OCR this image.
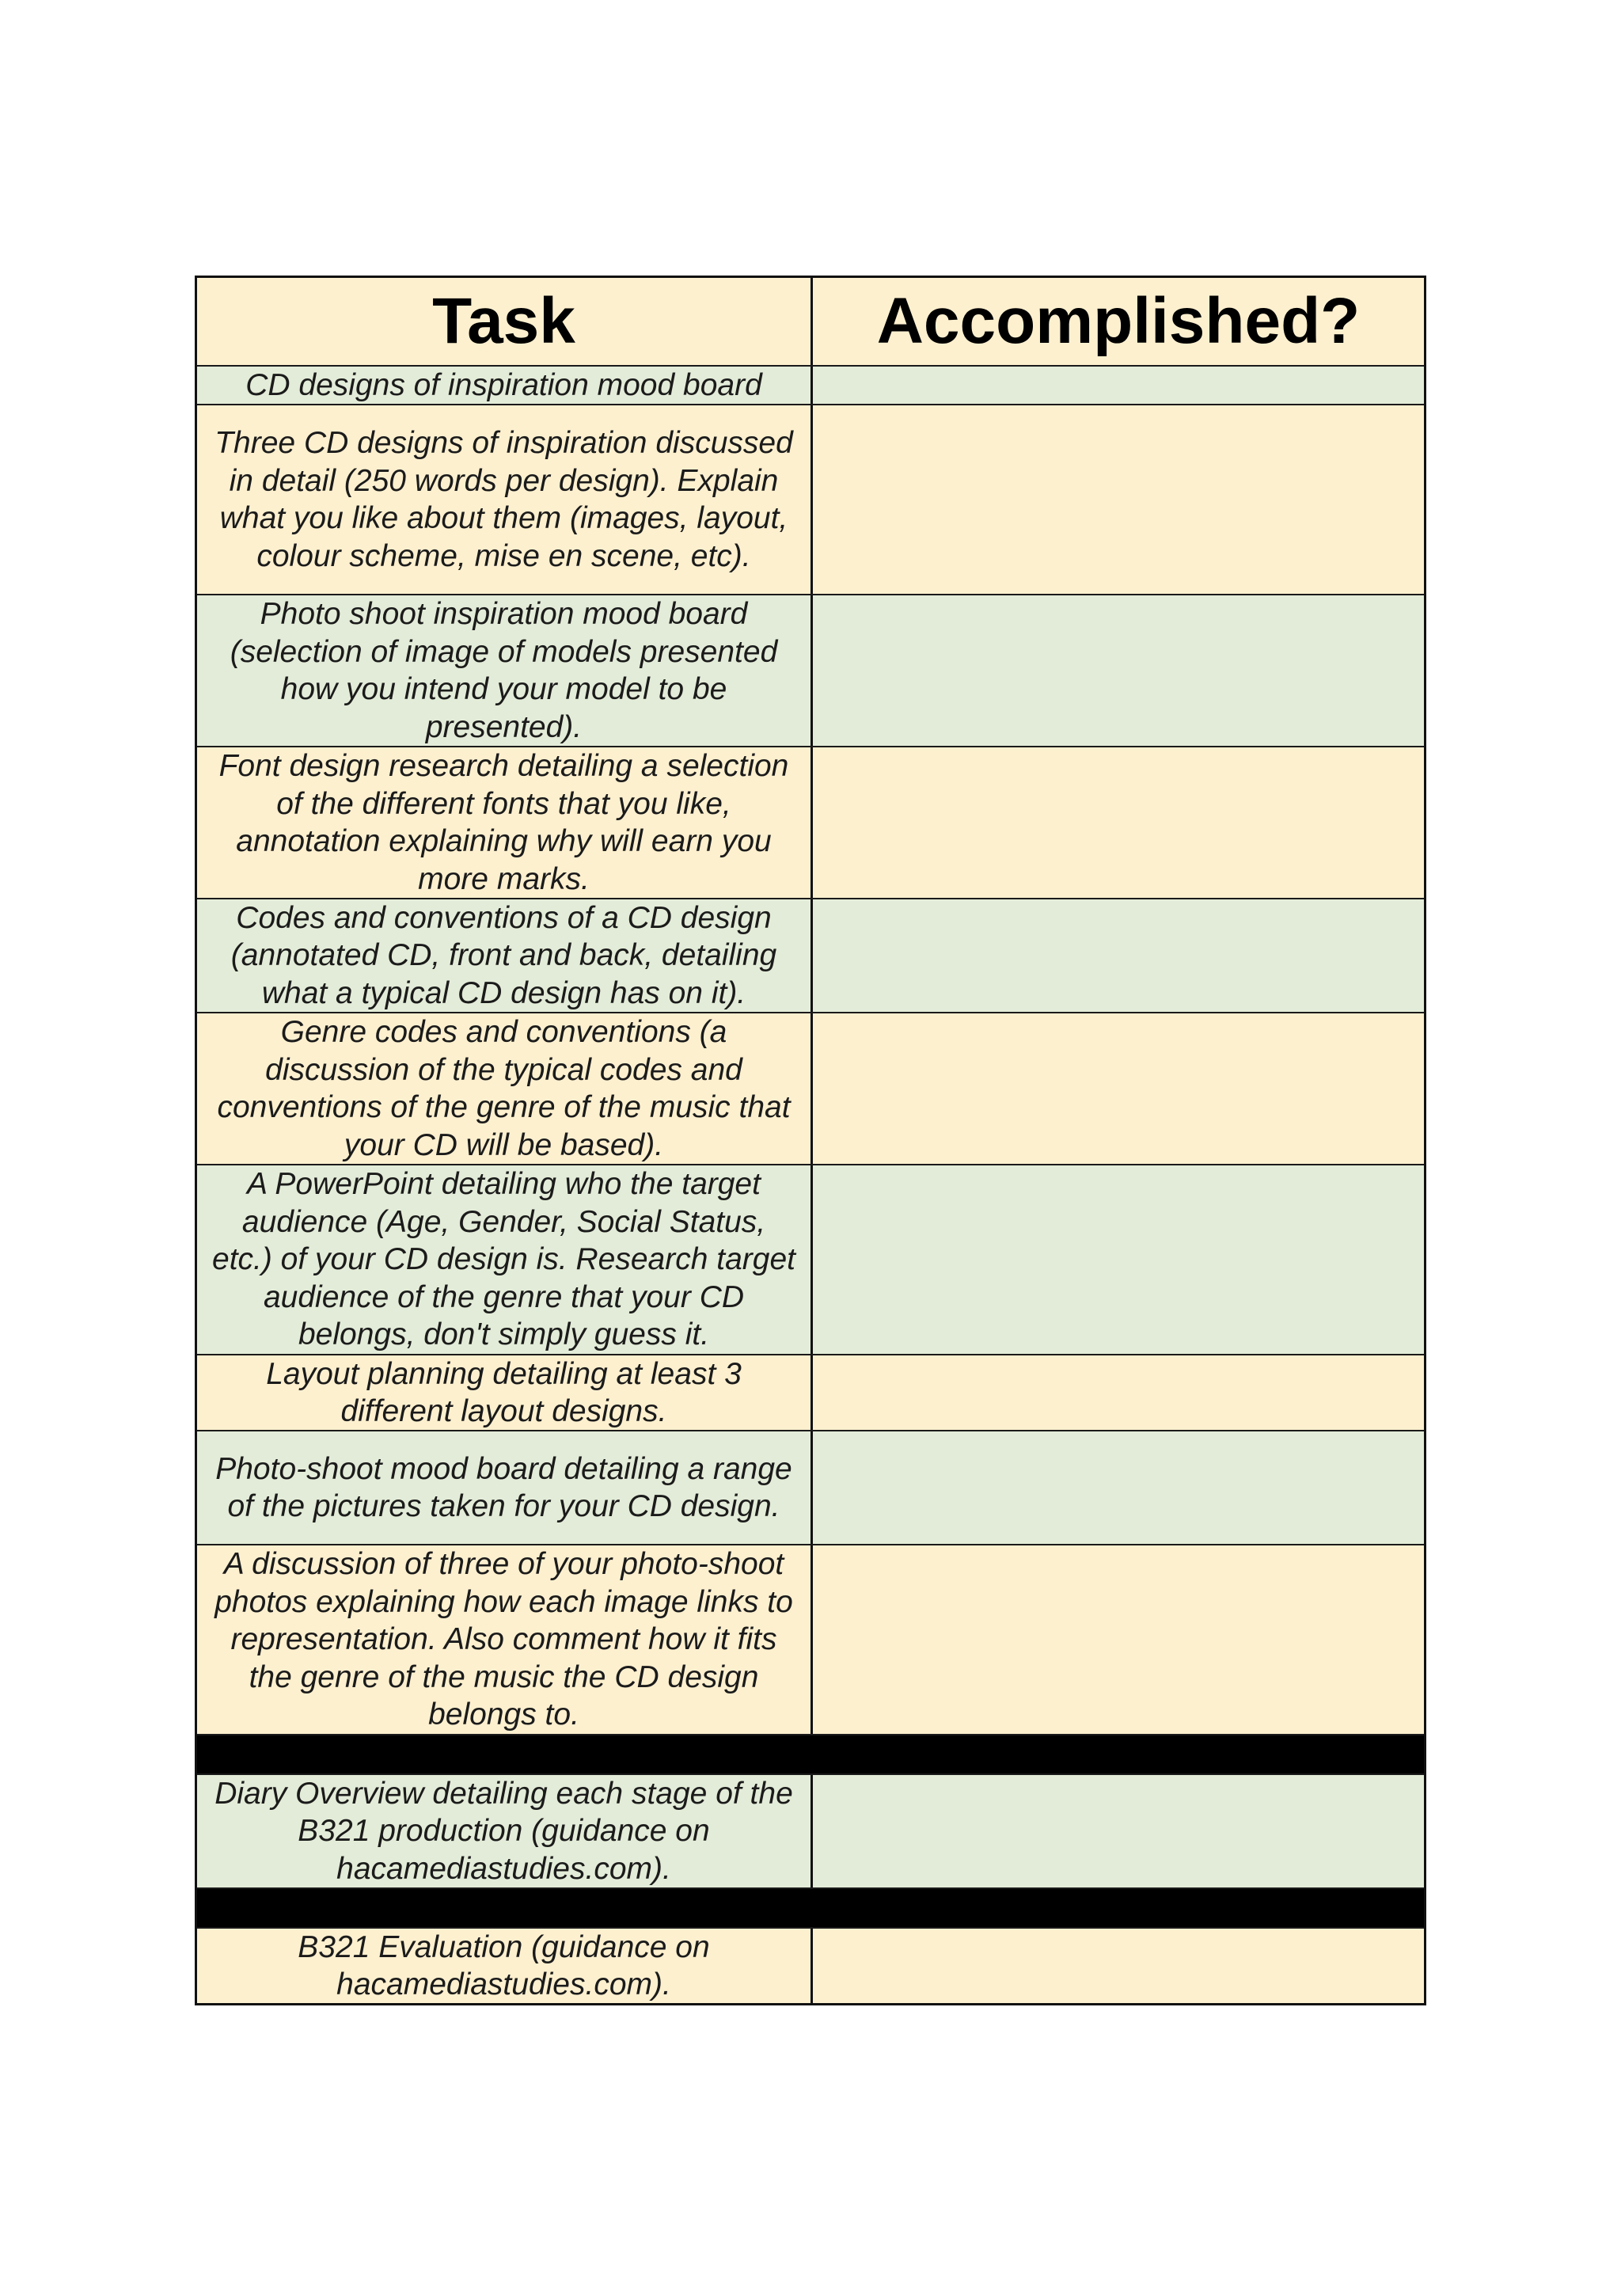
Task	Accomplished?
CD designs of inspiration mood board
Three CD designs of inspiration discussed in detail (250 words per design). Explain what you like about them (images, layout, colour scheme, mise en scene, etc).
Photo shoot inspiration mood board (selection of image of models presented how you intend your model to be presented).
Font design research detailing a selection of the different fonts that you like, annotation explaining why will earn you more marks.
Codes and conventions of a CD design (annotated CD, front and back, detailing what a typical CD design has on it).
Genre codes and conventions (a discussion of the typical codes and conventions of the genre of the music that your CD will be based).
A PowerPoint detailing who the target audience (Age, Gender, Social Status, etc.) of your CD design is. Research target audience of the genre that your CD belongs, don't simply guess it.
Layout planning detailing at least 3 different layout designs.
Photo-shoot mood board detailing a range of the pictures taken for your CD design.
A discussion of three of your photo-shoot photos explaining how each image links to representation. Also comment how it fits the genre of the music the CD design belongs to.
Diary Overview detailing each stage of the B321 production (guidance on hacamediastudies.com).
B321 Evaluation (guidance on hacamediastudies.com).
